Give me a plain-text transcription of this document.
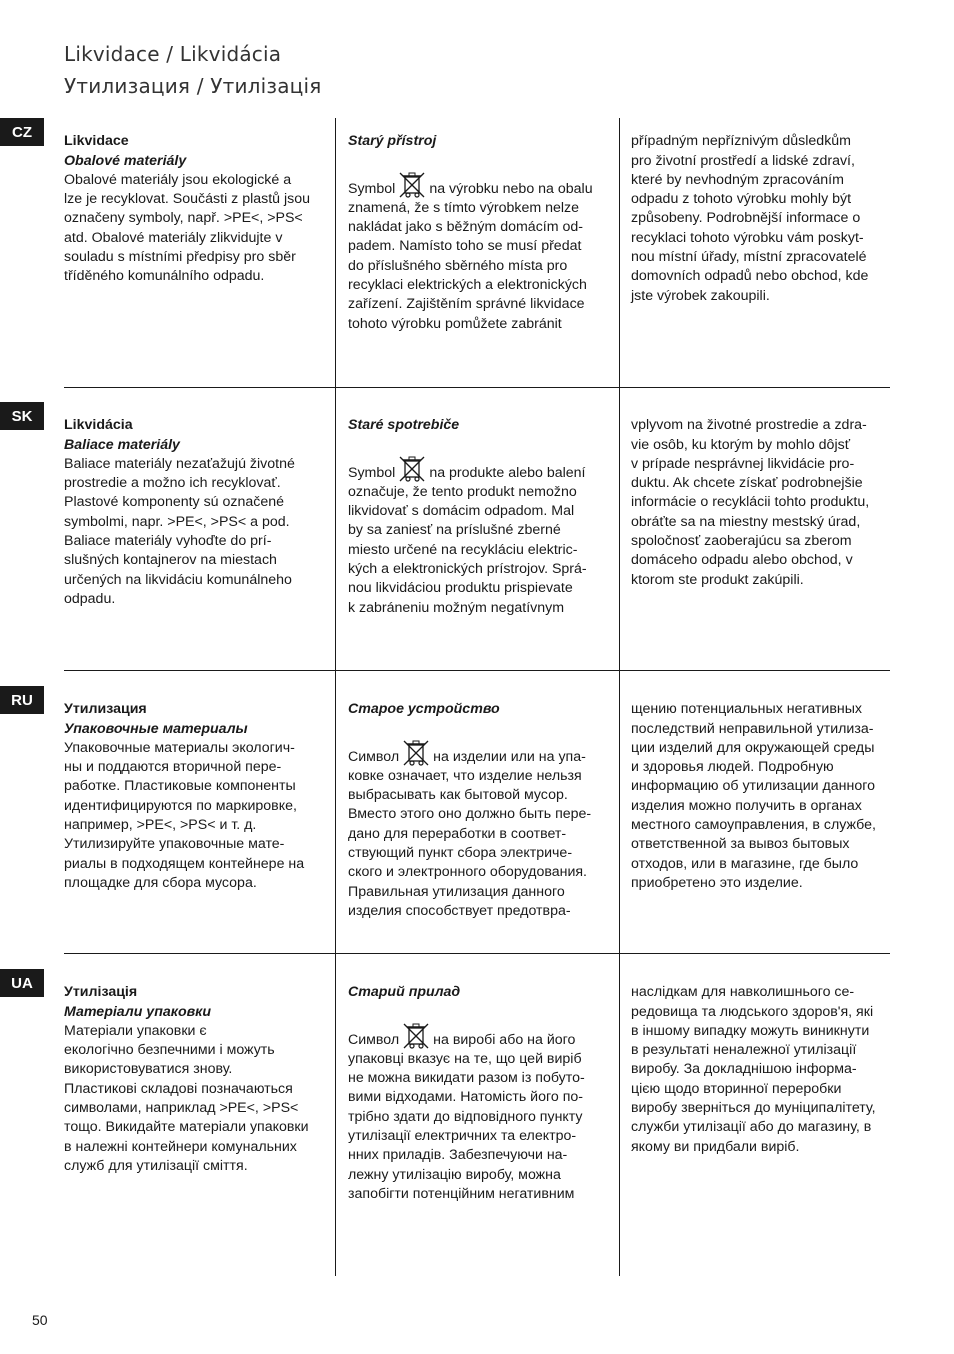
Likvidace / Likvidácia
Утилизация / Утилізація
CZ

Likvidace
Obalové materiály
Obalové materiály jsou ekologické a
lze je recyklovat. Součásti z plastů jsou
označeny symboly, např. >PE<, >PS<
atd. Obalové materiály zlikvidujte v
souladu s místními předpisy pro sběr
tříděného komunálního odpadu.

Starý přístroj
Symbol na výrobku nebo na obalu
znamená, že s tímto výrobkem nelze
nakládat jako s běžným domácím od-
padem. Namísto toho se musí předat
do příslušného sběrného místa pro
recyklaci elektrických a elektronických
zařízení. Zajištěním správné likvidace
tohoto výrobku pomůžete zabránit

případným nepříznivým důsledkům
pro životní prostředí a lidské zdraví,
které by nevhodným zpracováním
odpadu z tohoto výrobku mohly být
způsobeny. Podrobnější informace o
recyklaci tohoto výrobku vám poskyt-
nou místní úřady, místní zpracovatelé
domovních odpadů nebo obchod, kde
jste výrobek zakoupili.

SK

Likvidácia
Baliace materiály
Baliace materiály nezaťažujú životné
prostredie a možno ich recyklovať.
Plastové komponenty sú označené
symbolmi, napr. >PE<, >PS< a pod.
Baliace materiály vyhoďte do prí-
slušných kontajnerov na miestach
určených na likvidáciu komunálneho
odpadu.

Staré spotrebiče
Symbol na produkte alebo balení
označuje, že tento produkt nemožno
likvidovať s domácim odpadom. Mal
by sa zaniesť na príslušné zberné
miesto určené na recykláciu elektric-
kých a elektronických prístrojov. Sprá-
nou likvidáciou produktu prispievate
k zabráneniu možným negatívnym

vplyvom na životné prostredie a zdra-
vie osôb, ku ktorým by mohlo dôjsť
v prípade nesprávnej likvidácie pro-
duktu. Ak chcete získať podrobnejšie
informácie o recyklácii tohto produktu,
obráťte sa na miestny mestský úrad,
spoločnosť zaoberajúcu sa zberom
domáceho odpadu alebo obchod, v
ktorom ste produkt zakúpili.

RU

Утилизация
Упаковочные материалы
Упаковочные материалы экологич-
ны и поддаются вторичной пере-
работке. Пластиковые компоненты
идентифицируются по маркировке,
например, >PE<, >PS< и т. д.
Утилизируйте упаковочные мате-
риалы в подходящем контейнере на
площадке для сбора мусора.

Старое устройство
Символ на изделии или на упа-
ковке означает, что изделие нельзя
выбрасывать как бытовой мусор.
Вместо этого оно должно быть пере-
дано для переработки в соответ-
ствующий пункт сбора электриче-
ского и электронного оборудования.
Правильная утилизация данного
изделия способствует предотвра-

щению потенциальных негативных
последствий неправильной утилиза-
ции изделий для окружающей среды
и здоровья людей. Подробную
информацию об утилизации данного
изделия можно получить в органах
местного самоуправления, в службе,
ответственной за вывоз бытовых
отходов, или в магазине, где было
приобретено это изделие.

UA

Утилізація
Матеріали упаковки
Матеріали упаковки є
екологічно безпечними і можуть
використовуватися знову.
Пластикові складові позначаються
символами, наприклад >PE<, >PS<
тощо. Викидайте матеріали упаковки
в належні контейнери комунальних
служб для утилізації сміття.

Старий прилад
Символ на виробі або на його
упаковці вказує на те, що цей виріб
не можна викидати разом із побуто-
вими відходами. Натомість його по-
трібно здати до відповідного пункту
утилізації електричних та електро-
нних приладів. Забезпечуючи на-
лежну утилізацію виробу, можна
запобігти потенційним негативним

наслідкам для навколишнього се-
редовища та людського здоров'я, які
в іншому випадку можуть виникнути
в результаті неналежної утилізації
виробу. За докладнішою інформа-
цією щодо вторинної переробки
виробу зверніться до муніципалітету,
служби утилізації або до магазину, в
якому ви придбали виріб.

50
